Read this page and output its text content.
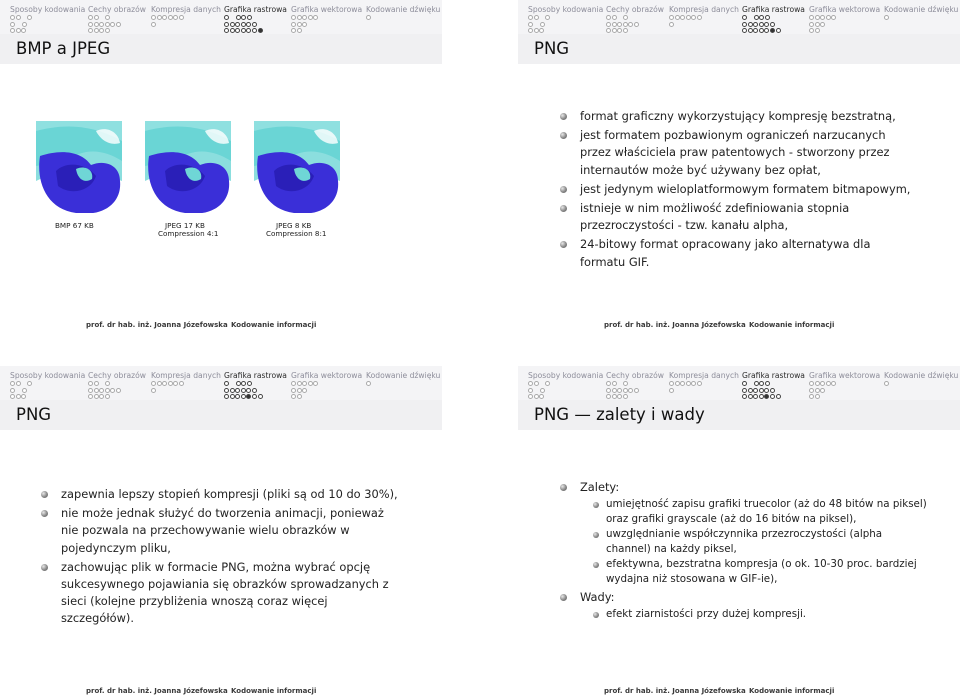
Sposoby kodowania Cechy obrazów Kompresja danych Grafika rastrowa Grafika wektorowa Kodowanie dźwięku
BMP a JPEG
BMP 67 KB	JPEG 17 KB
Compression 4:1
JPEG 8 KB
Compression 8:1
prof. dr hab. inż. Joanna Józefowska Kodowanie informacji
Sposoby kodowania Cechy obrazów Kompresja danych Grafika rastrowa Grafika wektorowa Kodowanie dźwięku
PNG
format graficzny wykorzystujący kompresję bezstratną,
jest formatem pozbawionym ograniczeń narzucanych przez właściciela praw patentowych - stworzony przez internautów może być używany bez opłat,
jest jedynym wieloplatformowym formatem bitmapowym,
istnieje w nim możliwość zdefiniowania stopnia przezroczystości - tzw. kanału alpha,
24-bitowy format opracowany jako alternatywa dla formatu GIF.
prof. dr hab. inż. Joanna Józefowska Kodowanie informacji
Sposoby kodowania Cechy obrazów Kompresja danych Grafika rastrowa Grafika wektorowa Kodowanie dźwięku
PNG
zapewnia lepszy stopień kompresji (pliki są od 10 do 30%),
nie może jednak służyć do tworzenia animacji, ponieważ nie pozwala na przechowywanie wielu obrazków w pojedynczym pliku,
zachowując plik w formacie PNG, można wybrać opcję sukcesywnego pojawiania się obrazków sprowadzanych z sieci (kolejne przybliżenia wnoszą coraz więcej szczegółów).
prof. dr hab. inż. Joanna Józefowska Kodowanie informacji
Sposoby kodowania Cechy obrazów Kompresja danych Grafika rastrowa Grafika wektorowa Kodowanie dźwięku
PNG — zalety i wady
Zalety:
umiejętność zapisu grafiki truecolor (aż do 48 bitów na piksel) oraz grafiki grayscale (aż do 16 bitów na piksel),
uwzględnianie współczynnika przezroczystości (alpha channel) na każdy piksel,
efektywna, bezstratna kompresja (o ok. 10-30 proc. bardziej wydajna niż stosowana w GIF-ie),
Wady:
efekt ziarnistości przy dużej kompresji.
prof. dr hab. inż. Joanna Józefowska Kodowanie informacji
